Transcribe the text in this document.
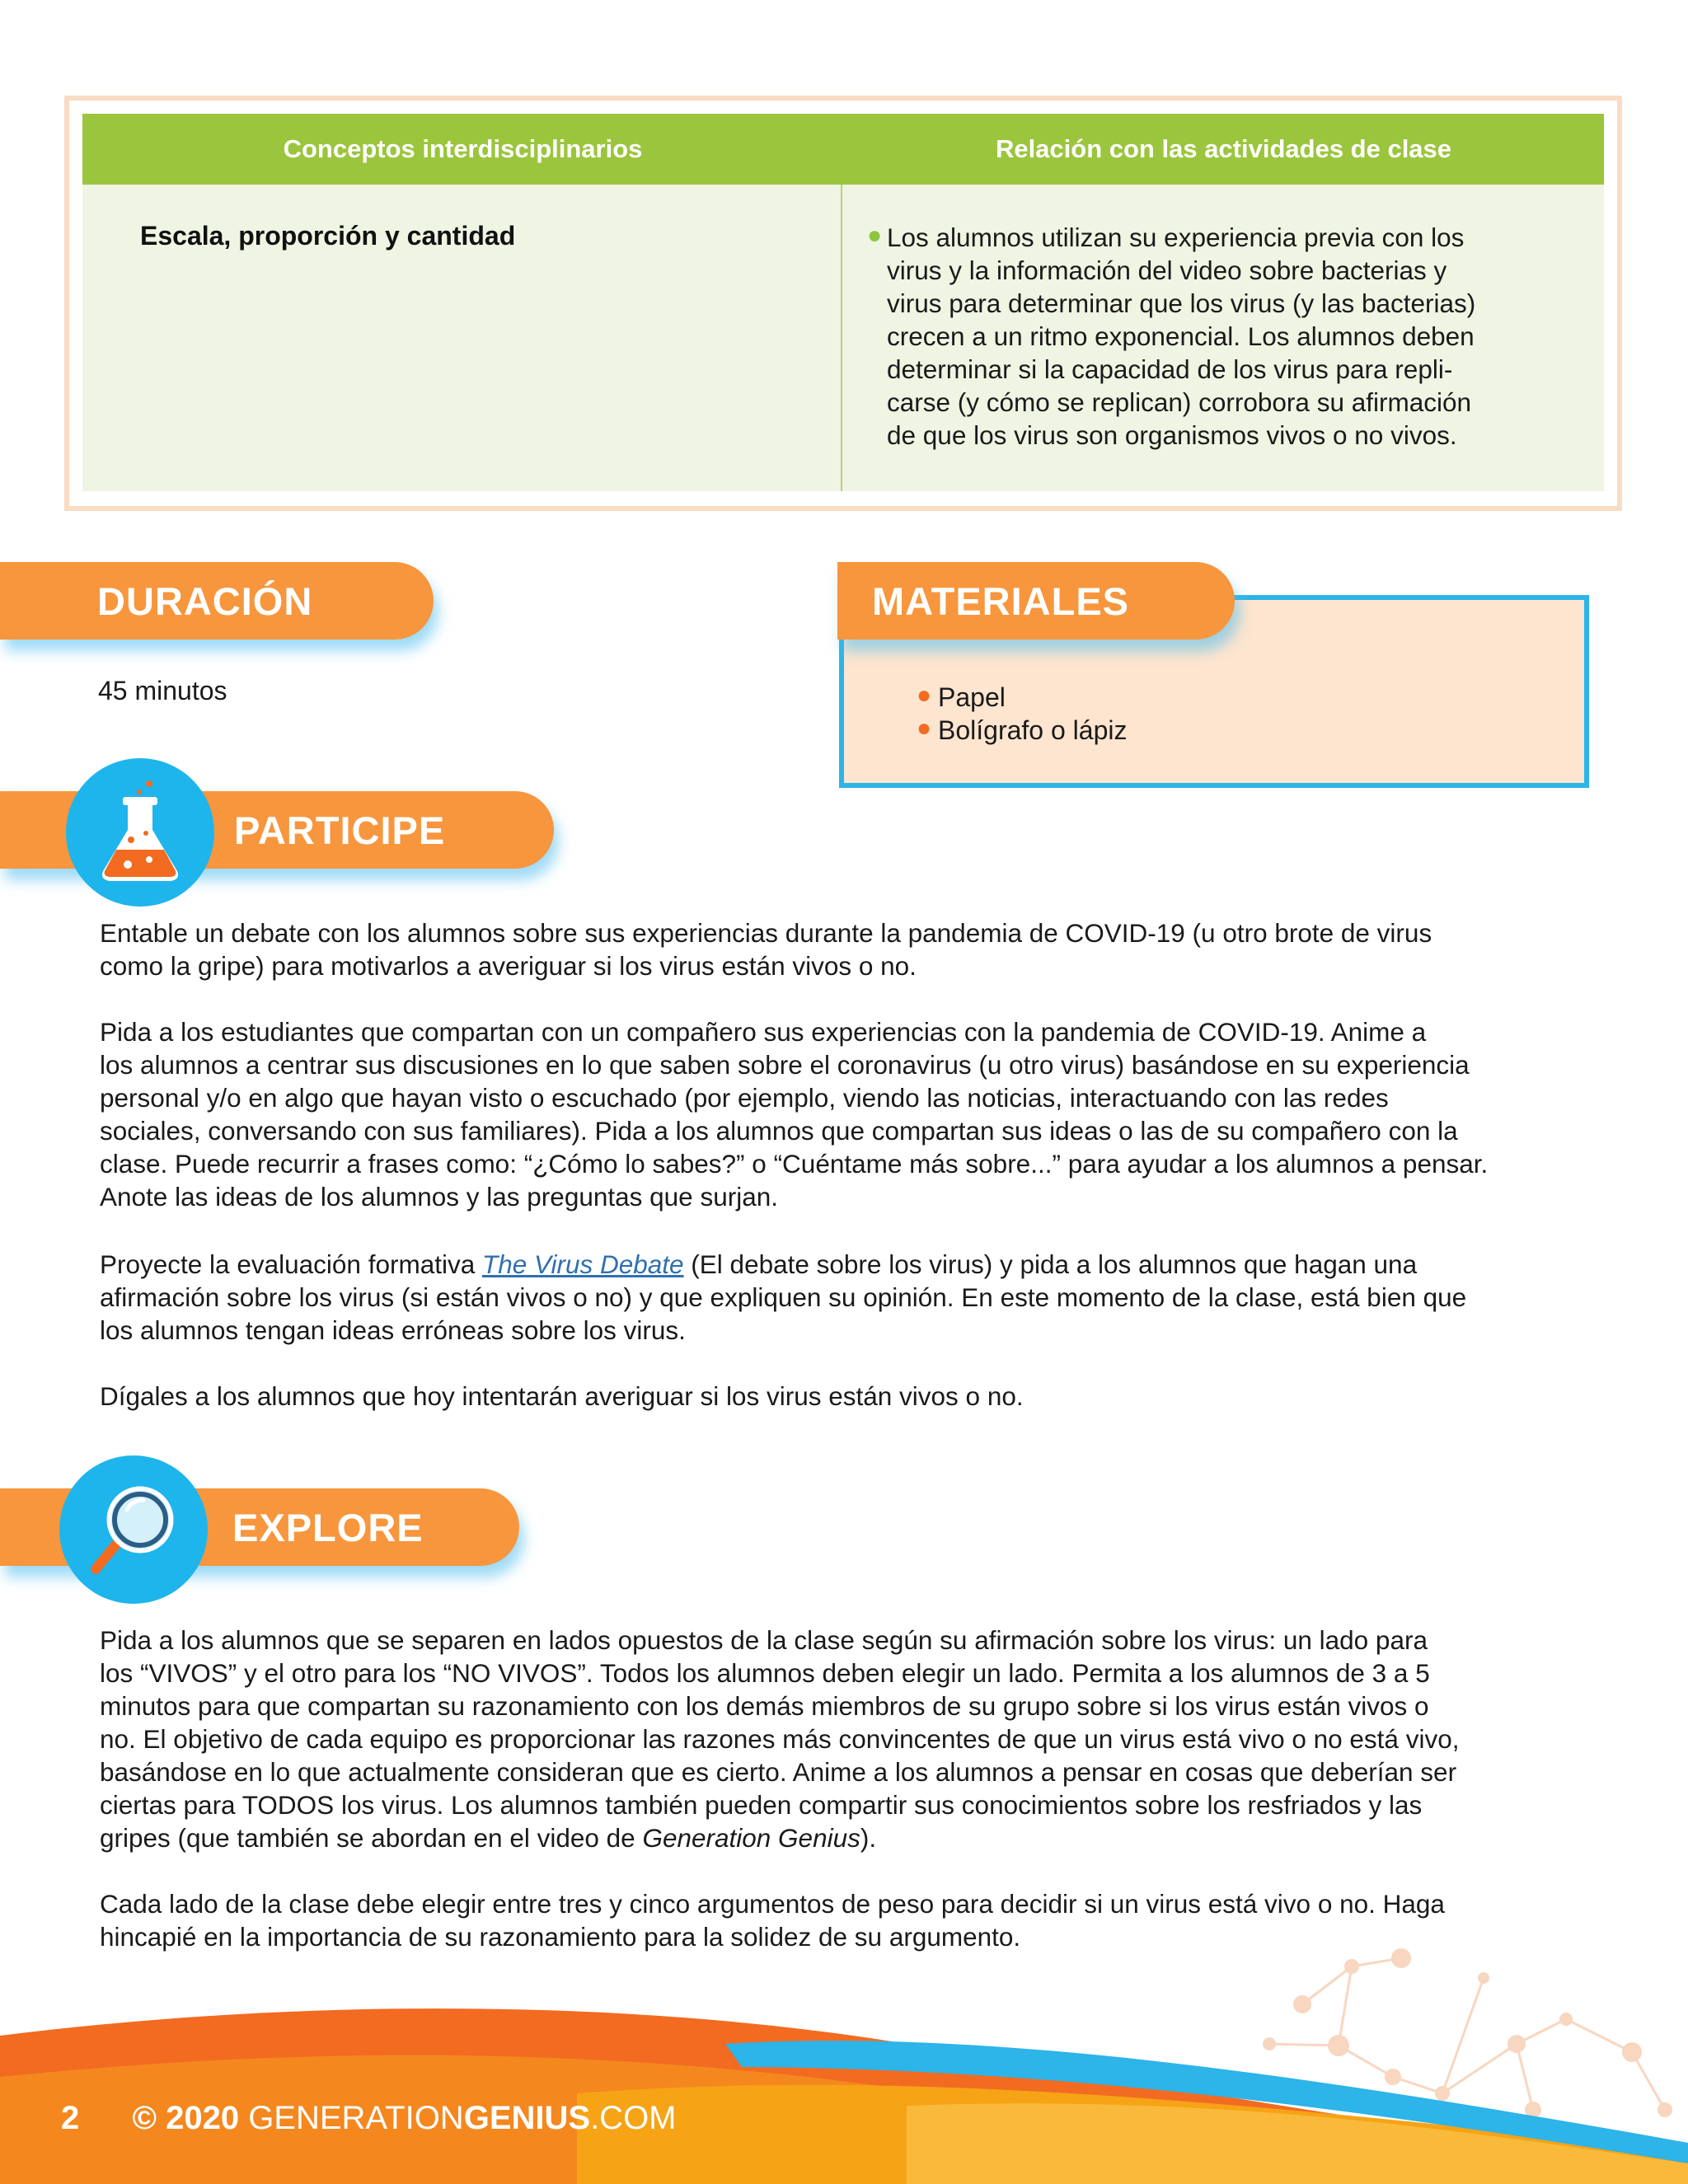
Conceptos interdisciplinarios	Relación con las actividades de clase
Escala, proporción y cantidad	● Los alumnos utilizan su experiencia previa con los
virus y la información del video sobre bacterias y
virus para determinar que los virus (y las bacterias)
crecen a un ritmo exponencial. Los alumnos deben
determinar si la capacidad de los virus para repli-
carse (y cómo se replican) corrobora su afirmación
de que los virus son organismos vivos o no vivos.
DURACIÓN
45 minutos
MATERIALES
● Papel
● Bolígrafo o lápiz
PARTICIPE
Entable un debate con los alumnos sobre sus experiencias durante la pandemia de COVID-19 (u otro brote de virus
como la gripe) para motivarlos a averiguar si los virus están vivos o no.
Pida a los estudiantes que compartan con un compañero sus experiencias con la pandemia de COVID-19. Anime a
los alumnos a centrar sus discusiones en lo que saben sobre el coronavirus (u otro virus) basándose en su experiencia
personal y/o en algo que hayan visto o escuchado (por ejemplo, viendo las noticias, interactuando con las redes
sociales, conversando con sus familiares). Pida a los alumnos que compartan sus ideas o las de su compañero con la
clase. Puede recurrir a frases como: “¿Cómo lo sabes?” o “Cuéntame más sobre...” para ayudar a los alumnos a pensar.
Anote las ideas de los alumnos y las preguntas que surjan.
Proyecte la evaluación formativa The Virus Debate (El debate sobre los virus) y pida a los alumnos que hagan una
afirmación sobre los virus (si están vivos o no) y que expliquen su opinión. En este momento de la clase, está bien que
los alumnos tengan ideas erróneas sobre los virus.
Dígales a los alumnos que hoy intentarán averiguar si los virus están vivos o no.
EXPLORE
Pida a los alumnos que se separen en lados opuestos de la clase según su afirmación sobre los virus: un lado para
los “VIVOS” y el otro para los “NO VIVOS”. Todos los alumnos deben elegir un lado. Permita a los alumnos de 3 a 5
minutos para que compartan su razonamiento con los demás miembros de su grupo sobre si los virus están vivos o
no. El objetivo de cada equipo es proporcionar las razones más convincentes de que un virus está vivo o no está vivo,
basándose en lo que actualmente consideran que es cierto. Anime a los alumnos a pensar en cosas que deberían ser
ciertas para TODOS los virus. Los alumnos también pueden compartir sus conocimientos sobre los resfriados y las
gripes (que también se abordan en el video de Generation Genius).
Cada lado de la clase debe elegir entre tres y cinco argumentos de peso para decidir si un virus está vivo o no. Haga
hincapié en la importancia de su razonamiento para la solidez de su argumento.
2 © 2020 GENERATIONGENIUS.COM
